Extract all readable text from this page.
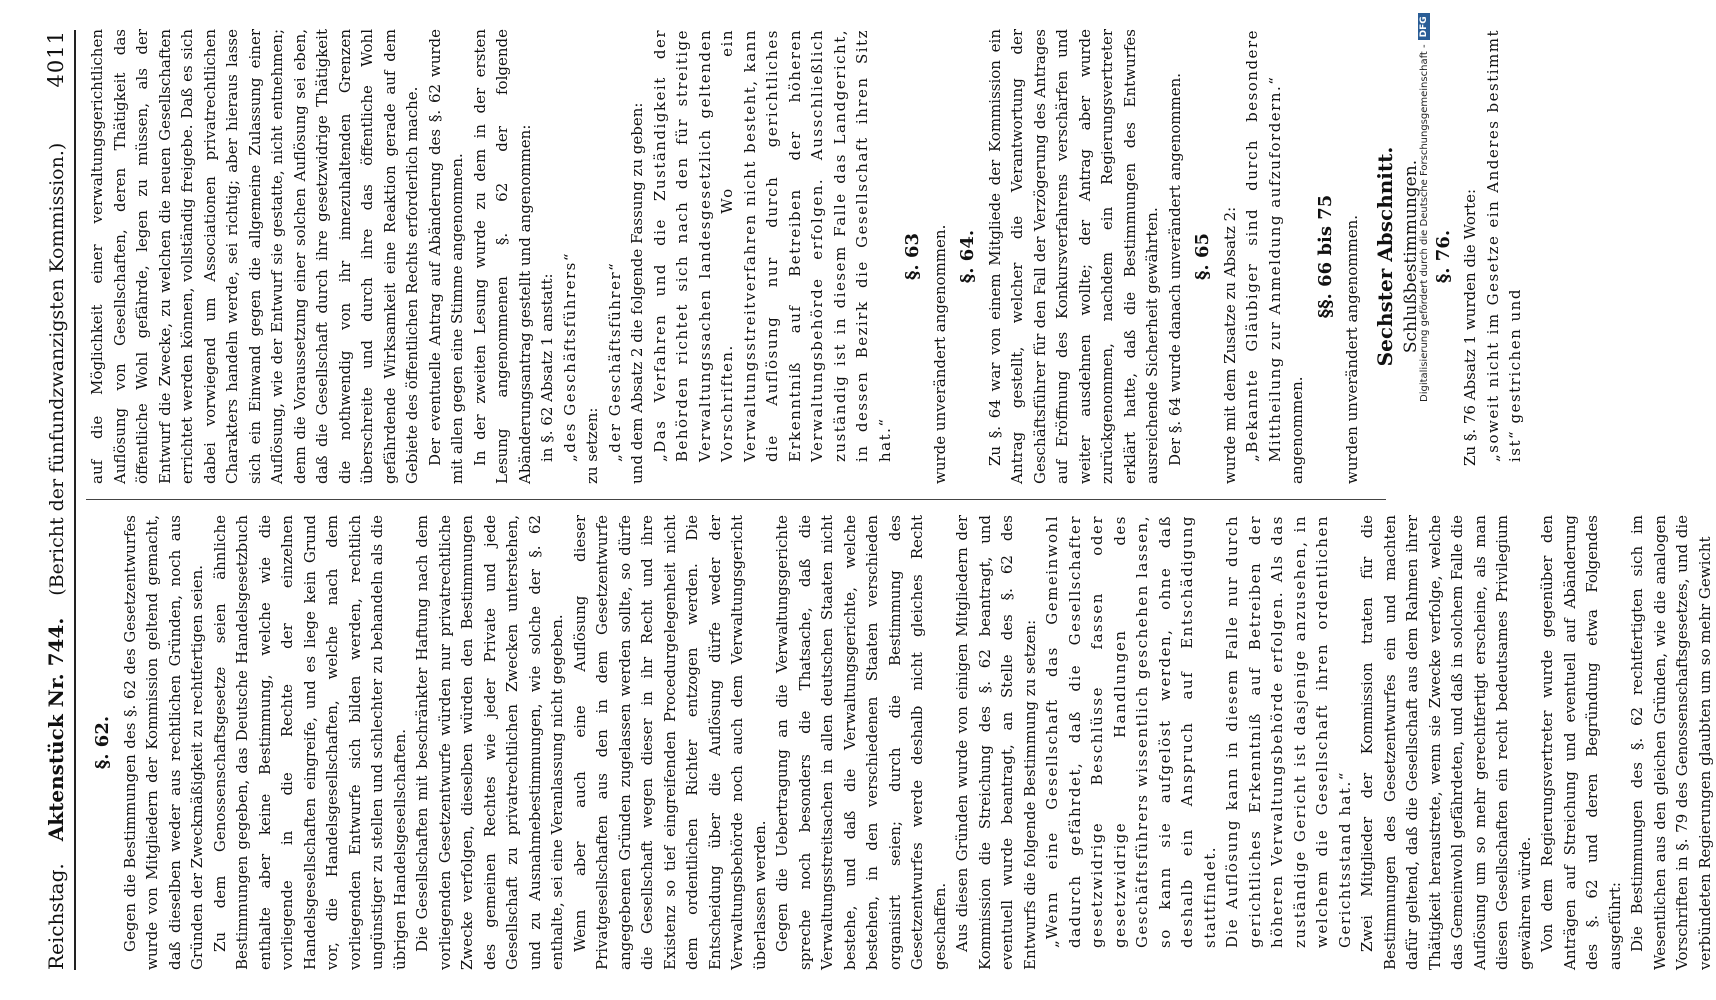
Reichstag.
Aktenstück Nr. 744.
(Bericht der fünfundzwanzigsten Kommission.)
4011
§. 62. Gegen die Bestimmungen des §. 62 des Gesetzentwurfes wurde von Mitgliedern der Kommission geltend gemacht, daß dieselben weder aus rechtlichen Gründen, noch aus Gründen der Zweckmäßigkeit zu rechtfertigen seien. Zu dem Genossenschaftsgesetze seien ähnliche Bestimmungen gegeben, das Deutsche Handelsgesetzbuch enthalte aber keine Bestimmung, welche wie die vorliegende in die Rechte der einzelnen Handelsgesellschaften eingreife, und es liege kein Grund vor, die Handelsgesellschaften, welche nach dem vorliegenden Entwurfe sich bilden werden, rechtlich ungünstiger zu stellen und schlechter zu behandeln als die übrigen Handelsgesellschaften. Die Gesellschaften mit beschränkter Haftung nach dem vorliegenden Gesetzentwurfe würden nur privatrechtliche Zwecke verfolgen, dieselben würden den Bestimmungen des gemeinen Rechtes wie jeder Private und jede Gesellschaft zu privatrechtlichen Zwecken unterstehen, und zu Ausnahmebestimmungen, wie solche der §. 62 enthalte, sei eine Veranlassung nicht gegeben. Wenn aber auch eine Auflösung dieser Privatgesellschaften aus den in dem Gesetzentwurfe angegebenen Gründen zugelassen werden sollte, so dürfe die Gesellschaft wegen dieser in ihr Recht und ihre Existenz so tief eingreifenden Procedurgelegenheit nicht dem ordentlichen Richter entzogen werden. Die Entscheidung über die Auflösung dürfe weder der Verwaltungsbehörde noch auch dem Verwaltungsgericht überlassen werden. Gegen die Uebertragung an die Verwaltungsgerichte spreche noch besonders die Thatsache, daß die Verwaltungsstreitsachen in allen deutschen Staaten nicht bestehe, und daß die Verwaltungsgerichte, welche bestehen, in den verschiedenen Staaten verschieden organisirt seien; durch die Bestimmung des Gesetzentwurfes werde deshalb nicht gleiches Recht geschaffen. Aus diesen Gründen wurde von einigen Mitgliedern der Kommission die Streichung des §. 62 beantragt, und eventuell wurde beantragt, an Stelle des §. 62 des Entwurfs die folgende Bestimmung zu setzen: „Wenn eine Gesellschaft das Gemeinwohl dadurch gefährdet, daß die Gesellschafter gesetzwidrige Beschlüsse fassen oder gesetzwidrige Handlungen des Geschäftsführers wissentlich geschehen lassen, so kann sie aufgelöst werden, ohne daß deshalb ein Anspruch auf Entschädigung stattfindet. Die Auflösung kann in diesem Falle nur durch gerichtliches Erkenntniß auf Betreiben der höheren Verwaltungsbehörde erfolgen. Als das zuständige Gericht ist dasjenige anzusehen, in welchem die Gesellschaft ihren ordentlichen Gerichtsstand hat.“ Zwei Mitglieder der Kommission traten für die Bestimmungen des Gesetzentwurfes ein und machten dafür geltend, daß die Gesellschaft aus dem Rahmen ihrer Thätigkeit heraustrete, wenn sie Zwecke verfolge, welche das Gemeinwohl gefährdeten, und daß in solchem Falle die Auflösung um so mehr gerechtfertigt erscheine, als man diesen Gesellschaften ein recht bedeutsames Privilegium gewähren würde. Von dem Regierungsvertreter wurde gegenüber den Anträgen auf Streichung und eventuell auf Abänderung des §. 62 und deren Begründung etwa Folgendes ausgeführt: Die Bestimmungen des §. 62 rechtfertigten sich im Wesentlichen aus den gleichen Gründen, wie die analogen Vorschriften in §. 79 des Genossenschaftsgesetzes, und die verbündeten Regierungen glaubten um so mehr Gewicht

auf die Möglichkeit einer verwaltungsgerichtlichen Auflösung von Gesellschaften, deren Thätigkeit das öffentliche Wohl gefährde, legen zu müssen, als der Entwurf die Zwecke, zu welchen die neuen Gesellschaften errichtet werden können, vollständig freigebe. Daß es sich dabei vorwiegend um Associationen privatrechtlichen Charakters handeln werde, sei richtig; aber hieraus lasse sich ein Einwand gegen die allgemeine Zulassung einer Auflösung, wie der Entwurf sie gestatte, nicht entnehmen; denn die Voraussetzung einer solchen Auflösung sei eben, daß die Gesellschaft durch ihre gesetzwidrige Thätigkeit die nothwendig von ihr innezuhaltenden Grenzen überschreite und durch ihre das öffentliche Wohl gefährdende Wirksamkeit eine Reaktion gerade auf dem Gebiete des öffentlichen Rechts erforderlich mache. Der eventuelle Antrag auf Abänderung des §. 62 wurde mit allen gegen eine Stimme angenommen. In der zweiten Lesung wurde zu dem in der ersten Lesung angenommenen §. 62 der folgende Abänderungsantrag gestellt und angenommen: in §. 62 Absatz 1 anstatt: „des Geschäftsführers“ zu setzen: „der Geschäftsführer“ und dem Absatz 2 die folgende Fassung zu geben: „Das Verfahren und die Zuständigkeit der Behörden richtet sich nach den für streitige Verwaltungssachen landesgesetzlich geltenden Vorschriften. Wo ein Verwaltungsstreitverfahren nicht besteht, kann die Auflösung nur durch gerichtliches Erkenntniß auf Betreiben der höheren Verwaltungsbehörde erfolgen. Ausschließlich zuständig ist in diesem Falle das Landgericht, in dessen Bezirk die Gesellschaft ihren Sitz hat.“

§. 63 wurde unverändert angenommen. §. 64. Zu §. 64 war von einem Mitgliede der Kommission ein Antrag gestellt, welcher die Verantwortung der Geschäftsführer für den Fall der Verzögerung des Antrages auf Eröffnung des Konkursverfahrens verschärfen und weiter ausdehnen wollte; der Antrag aber wurde zurückgenommen, nachdem ein Regierungsvertreter erklärt hatte, daß die Bestimmungen des Entwurfes ausreichende Sicherheit gewährten. Der §. 64 wurde danach unverändert angenommen. §. 65 wurde mit dem Zusatze zu Absatz 2: „Bekannte Gläubiger sind durch besondere Mittheilung zur Anmeldung aufzufordern.“ angenommen.

§§. 66 bis 75 wurden unverändert angenommen. Sechster Abschnitt. Schlußbestimmungen. §. 76. Zu §. 76 Absatz 1 wurden die Worte: „soweit nicht im Gesetze ein Anderes bestimmt ist“ gestrichen und

Digitalisierung gefördert durch die Deutsche Forschungsgemeinschaft -
DFG
